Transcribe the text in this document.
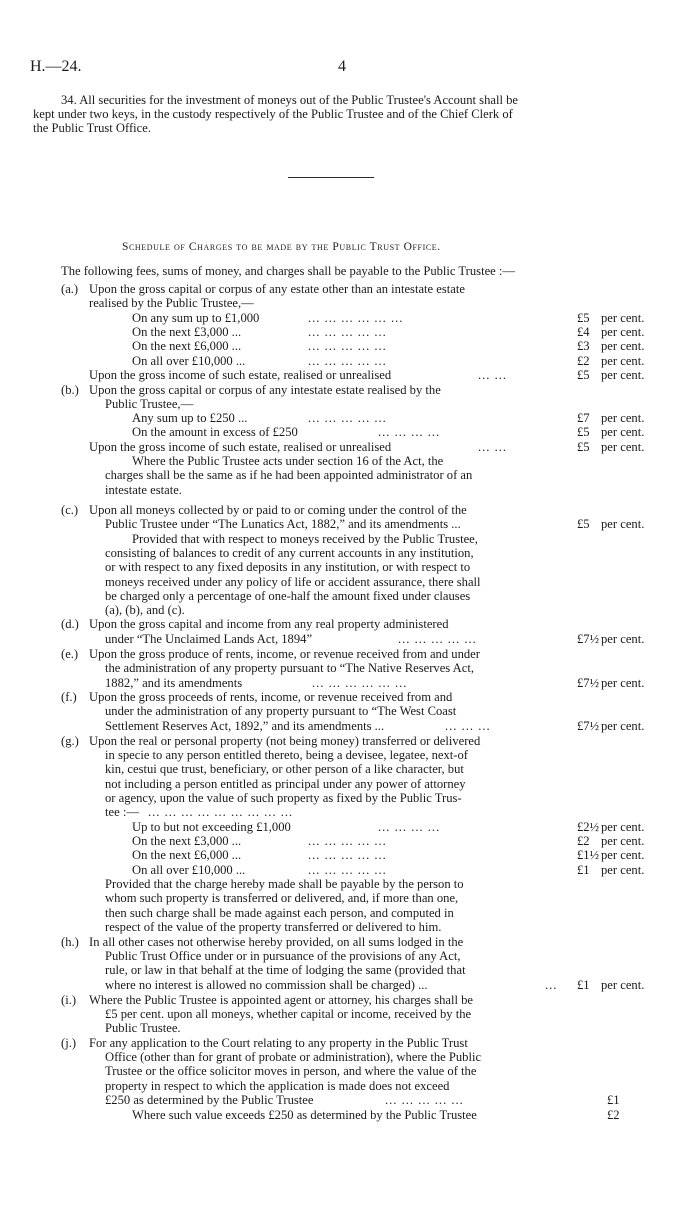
H.—24.	4
34. All securities for the investment of moneys out of the Public Trustee's Account shall be
kept under two keys, in the custody respectively of the Public Trustee and of the Chief Clerk of
the Public Trust Office.
Schedule of Charges to be made by the Public Trust Office.
The following fees, sums of money, and charges shall be payable to the Public Trustee :—
(a.) Upon the gross capital or corpus of any estate other than an intestate estate
realised by the Public Trustee,—
On any sum up to £1,000	... ... ... ... ... ...	£5 per cent.
On the next £3,000 ...	... ... ... ... ...	£4 per cent.
On the next £6,000 ...	... ... ... ... ...	£3 per cent.
On all over £10,000 ...	... ... ... ... ...	£2 per cent.
Upon the gross income of such estate, realised or unrealised	... ...	£5 per cent.
(b.) Upon the gross capital or corpus of any intestate estate realised by the
Public Trustee,—
Any sum up to £250 ...	... ... ... ... ...	£7 per cent.
On the amount in excess of £250	... ... ... ...	£5 per cent.
Upon the gross income of such estate, realised or unrealised	... ...	£5 per cent.
Where the Public Trustee acts under section 16 of the Act, the
charges shall be the same as if he had been appointed administrator of an
intestate estate.
(c.) Upon all moneys collected by or paid to or coming under the control of the
Public Trustee under “The Lunatics Act, 1882,” and its amendments ...	£5 per cent.
Provided that with respect to moneys received by the Public Trustee,
consisting of balances to credit of any current accounts in any institution,
or with respect to any fixed deposits in any institution, or with respect to
moneys received under any policy of life or accident assurance, there shall
be charged only a percentage of one-half the amount fixed under clauses
(a), (b), and (c).
(d.) Upon the gross capital and income from any real property administered
under “The Unclaimed Lands Act, 1894”	... ... ... ... ...	£7½ per cent.
(e.) Upon the gross produce of rents, income, or revenue received from and under
the administration of any property pursuant to “The Native Reserves Act,
1882,” and its amendments	... ... ... ... ... ...	£7½ per cent.
(f.) Upon the gross proceeds of rents, income, or revenue received from and
under the administration of any property pursuant to “The West Coast
Settlement Reserves Act, 1892,” and its amendments ...	... ... ...	£7½ per cent.
(g.) Upon the real or personal property (not being money) transferred or delivered
in specie to any person entitled thereto, being a devisee, legatee, next-of
kin, cestui que trust, beneficiary, or other person of a like character, but
not including a person entitled as principal under any power of attorney
or agency, upon the value of such property as fixed by the Public Trus-
tee :— ... ... ... ... ... ... ... ... ...
Up to but not exceeding £1,000	... ... ... ...	£2½ per cent.
On the next £3,000 ...	... ... ... ... ...	£2 per cent.
On the next £6,000 ...	... ... ... ... ...	£1½ per cent.
On all over £10,000 ...	... ... ... ... ...	£1 per cent.
Provided that the charge hereby made shall be payable by the person to
whom such property is transferred or delivered, and, if more than one,
then such charge shall be made against each person, and computed in
respect of the value of the property transferred or delivered to him.
(h.) In all other cases not otherwise hereby provided, on all sums lodged in the
Public Trust Office under or in pursuance of the provisions of any Act,
rule, or law in that behalf at the time of lodging the same (provided that
where no interest is allowed no commission shall be charged) ...	... £1 per cent.
(i.) Where the Public Trustee is appointed agent or attorney, his charges shall be
£5 per cent. upon all moneys, whether capital or income, received by the
Public Trustee.
(j.) For any application to the Court relating to any property in the Public Trust
Office (other than for grant of probate or administration), where the Public
Trustee or the office solicitor moves in person, and where the value of the
property in respect to which the application is made does not exceed
£250 as determined by the Public Trustee	... ... ... ... ...	£1
Where such value exceeds £250 as determined by the Public Trustee	£2
